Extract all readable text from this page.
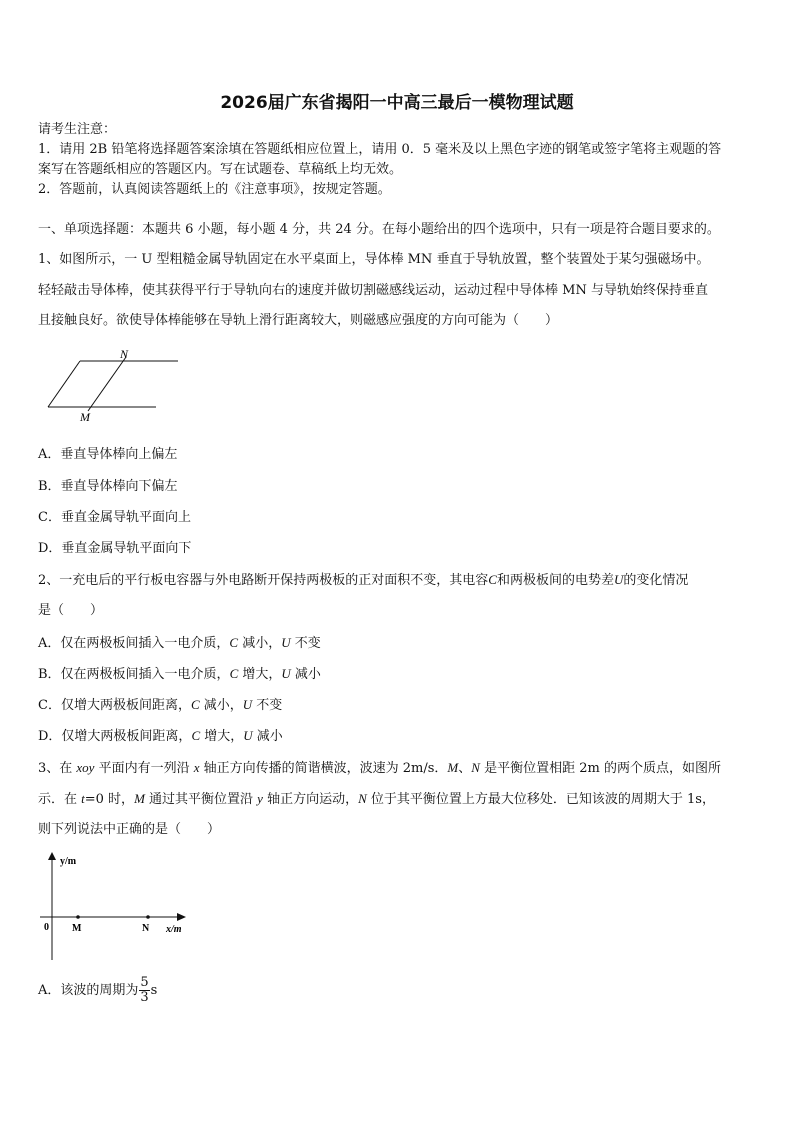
2026届广东省揭阳一中高三最后一模物理试题
请考生注意：
1．请用 2B 铅笔将选择题答案涂填在答题纸相应位置上，请用 0．5 毫米及以上黑色字迹的钢笔或签字笔将主观题的答
案写在答题纸相应的答题区内。写在试题卷、草稿纸上均无效。
2．答题前，认真阅读答题纸上的《注意事项》，按规定答题。
一、单项选择题：本题共 6 小题，每小题 4 分，共 24 分。在每小题给出的四个选项中，只有一项是符合题目要求的。
1、如图所示，一 U 型粗糙金属导轨固定在水平桌面上，导体棒 MN 垂直于导轨放置，整个装置处于某匀强磁场中。
轻轻敲击导体棒，使其获得平行于导轨向右的速度并做切割磁感线运动，运动过程中导体棒 MN 与导轨始终保持垂直
且接触良好。欲使导体棒能够在导轨上滑行距离较大，则磁感应强度的方向可能为（　　）
N
M
A．垂直导体棒向上偏左
B．垂直导体棒向下偏左
C．垂直金属导轨平面向上
D．垂直金属导轨平面向下
2、一充电后的平行板电容器与外电路断开保持两极板的正对面积不变，其电容C和两极板间的电势差U的变化情况
是（　　）
A．仅在两极板间插入一电介质，C 减小，U 不变
B．仅在两极板间插入一电介质，C 增大，U 减小
C．仅增大两极板间距离，C 减小，U 不变
D．仅增大两极板间距离，C 增大，U 减小
3、在 xoy 平面内有一列沿 x 轴正方向传播的简谐横波，波速为 2m/s．M、N 是平衡位置相距 2m 的两个质点，如图所
示．在 t=0 时，M 通过其平衡位置沿 y 轴正方向运动，N 位于其平衡位置上方最大位移处．已知该波的周期大于 1s，
则下列说法中正确的是（　　）
y/m
x/m
0 M	N
A．该波的周期为 $\frac{5}{3}$ s
